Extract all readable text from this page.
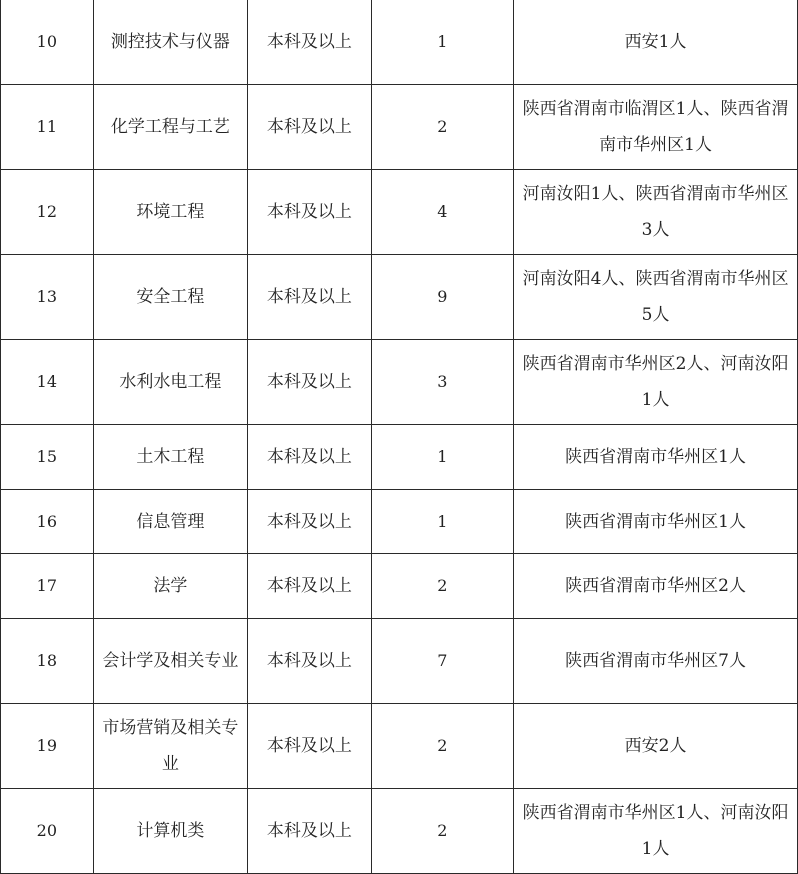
10	测控技术与仪器	本科及以上	1	西安1人
11	化学工程与工艺	本科及以上	2	陕西省渭南市临渭区1人、陕西省渭南市华州区1人
12	环境工程	本科及以上	4	河南汝阳1人、陕西省渭南市华州区3人
13	安全工程	本科及以上	9	河南汝阳4人、陕西省渭南市华州区5人
14	水利水电工程	本科及以上	3	陕西省渭南市华州区2人、河南汝阳1人
15	土木工程	本科及以上	1	陕西省渭南市华州区1人
16	信息管理	本科及以上	1	陕西省渭南市华州区1人
17	法学	本科及以上	2	陕西省渭南市华州区2人
18	会计学及相关专业	本科及以上	7	陕西省渭南市华州区7人
19	市场营销及相关专业	本科及以上	2	西安2人
20	计算机类	本科及以上	2	陕西省渭南市华州区1人、河南汝阳1人
